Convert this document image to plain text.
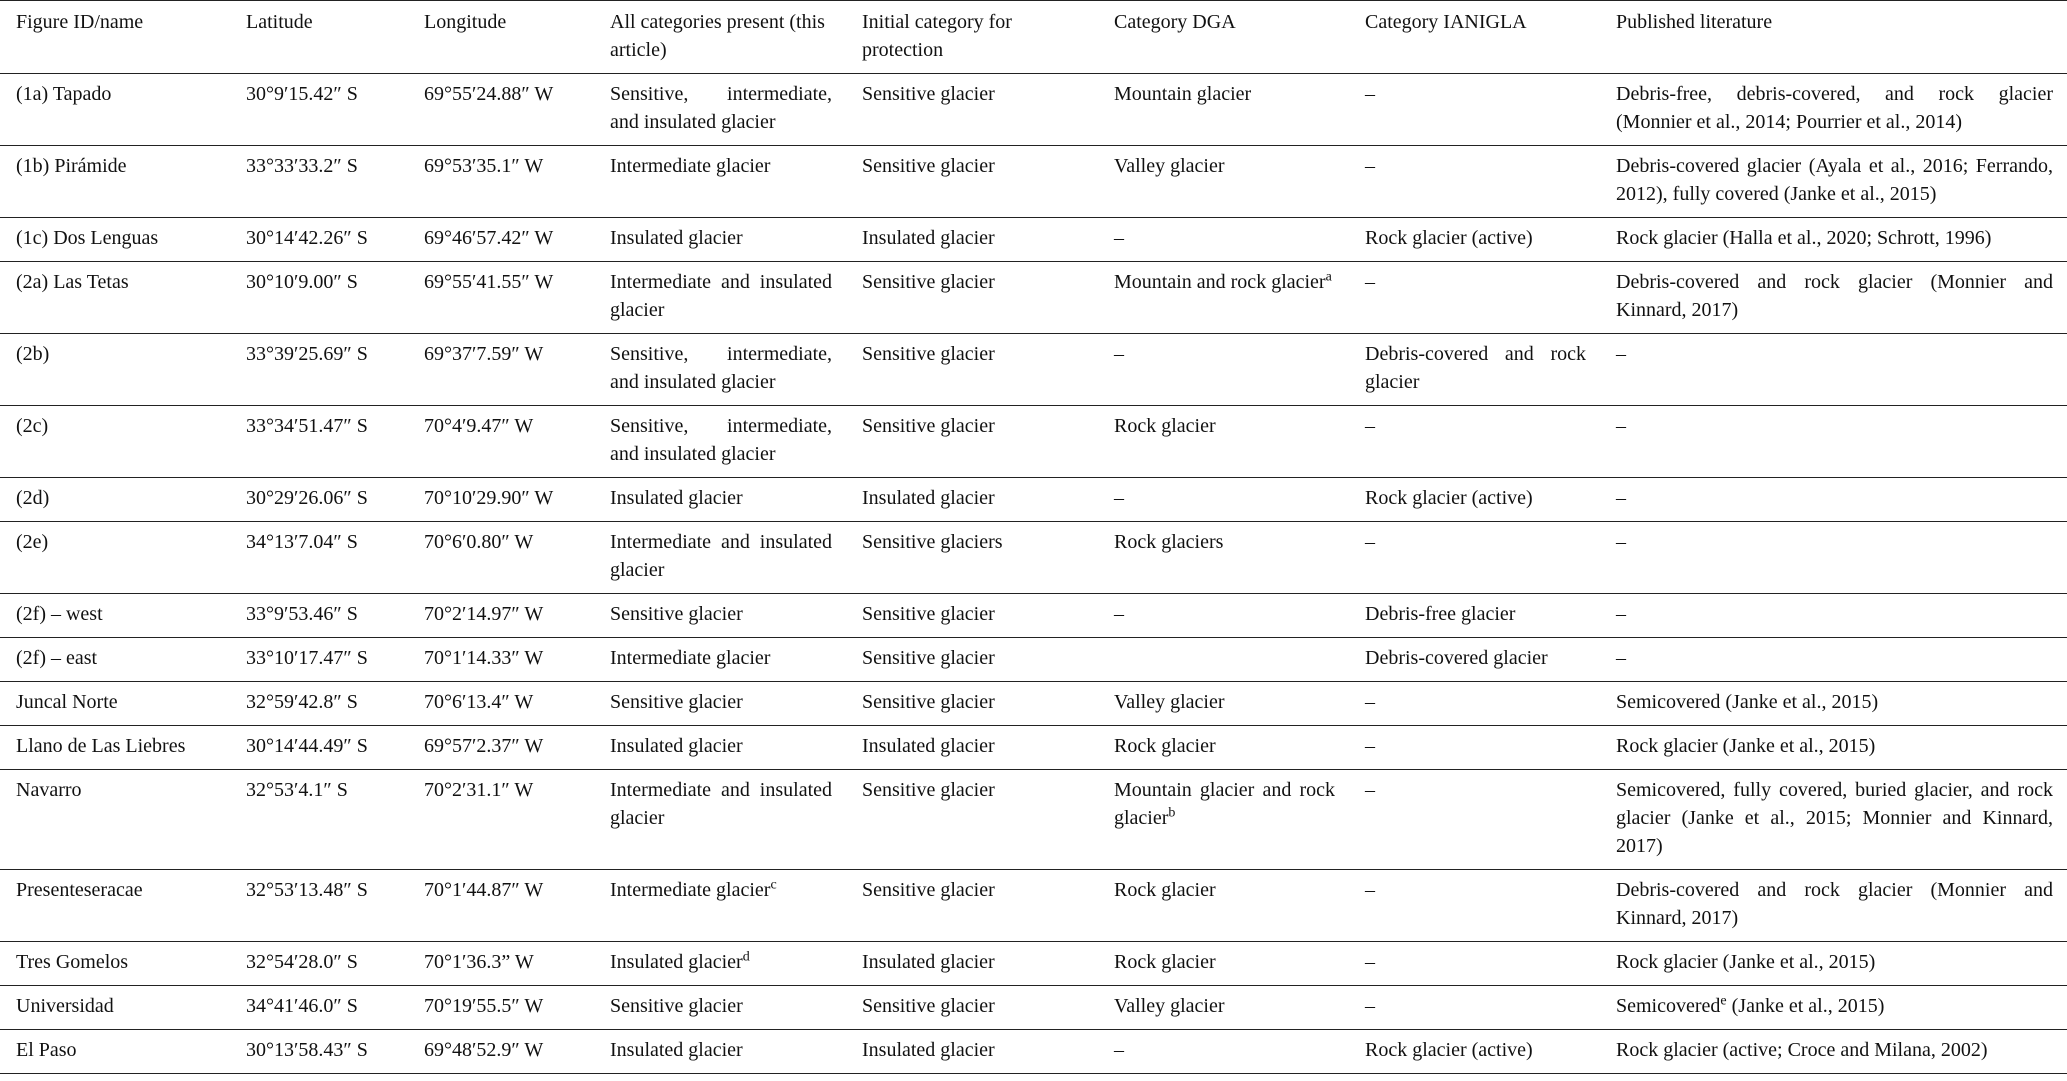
Figure ID/name	Latitude	Longitude	All categories present (this article)	Initial category for protection	Category DGA	Category IANIGLA	Published literature
(1a) Tapado	30°9′15.42″ S	69°55′24.88″ W	Sensitive, intermediate, and insulated glacier	Sensitive glacier	Mountain glacier	–	Debris-free, debris-covered, and rock glacier (Monnier et al., 2014; Pourrier et al., 2014)
(1b) Pirámide	33°33′33.2″ S	69°53′35.1″ W	Intermediate glacier	Sensitive glacier	Valley glacier	–	Debris-covered glacier (Ayala et al., 2016; Ferrando, 2012), fully covered (Janke et al., 2015)
(1c) Dos Lenguas	30°14′42.26″ S	69°46′57.42″ W	Insulated glacier	Insulated glacier	–	Rock glacier (active)	Rock glacier (Halla et al., 2020; Schrott, 1996)
(2a) Las Tetas	30°10′9.00″ S	69°55′41.55″ W	Intermediate and insulated glacier	Sensitive glacier	Mountain and rock glacier$^a$	–	Debris-covered and rock glacier (Monnier and Kinnard, 2017)
(2b)	33°39′25.69″ S	69°37′7.59″ W	Sensitive, intermediate, and insulated glacier	Sensitive glacier	–	Debris-covered and rock glacier	–
(2c)	33°34′51.47″ S	70°4′9.47″ W	Sensitive, intermediate, and insulated glacier	Sensitive glacier	Rock glacier	–	–
(2d)	30°29′26.06″ S	70°10′29.90″ W	Insulated glacier	Insulated glacier	–	Rock glacier (active)	–
(2e)	34°13′7.04″ S	70°6′0.80″ W	Intermediate and insulated glacier	Sensitive glaciers	Rock glaciers	–	–
(2f) – west	33°9′53.46″ S	70°2′14.97″ W	Sensitive glacier	Sensitive glacier	–	Debris-free glacier	–
(2f) – east	33°10′17.47″ S	70°1′14.33″ W	Intermediate glacier	Sensitive glacier		Debris-covered glacier	–
Juncal Norte	32°59′42.8″ S	70°6′13.4″ W	Sensitive glacier	Sensitive glacier	Valley glacier	–	Semicovered (Janke et al., 2015)
Llano de Las Liebres	30°14′44.49″ S	69°57′2.37″ W	Insulated glacier	Insulated glacier	Rock glacier	–	Rock glacier (Janke et al., 2015)
Navarro	32°53′4.1″ S	70°2′31.1″ W	Intermediate and insulated glacier	Sensitive glacier	Mountain glacier and rock glacier$^b$	–	Semicovered, fully covered, buried glacier, and rock glacier (Janke et al., 2015; Monnier and Kinnard, 2017)
Presenteseracae	32°53′13.48″ S	70°1′44.87″ W	Intermediate glacier$^c$	Sensitive glacier	Rock glacier	–	Debris-covered and rock glacier (Monnier and Kinnard, 2017)
Tres Gomelos	32°54′28.0″ S	70°1′36.3” W	Insulated glacier$^d$	Insulated glacier	Rock glacier	–	Rock glacier (Janke et al., 2015)
Universidad	34°41′46.0″ S	70°19′55.5″ W	Sensitive glacier	Sensitive glacier	Valley glacier	–	Semicovered$^e$ (Janke et al., 2015)
El Paso	30°13′58.43″ S	69°48′52.9″ W	Insulated glacier	Insulated glacier	–	Rock glacier (active)	Rock glacier (active; Croce and Milana, 2002)
